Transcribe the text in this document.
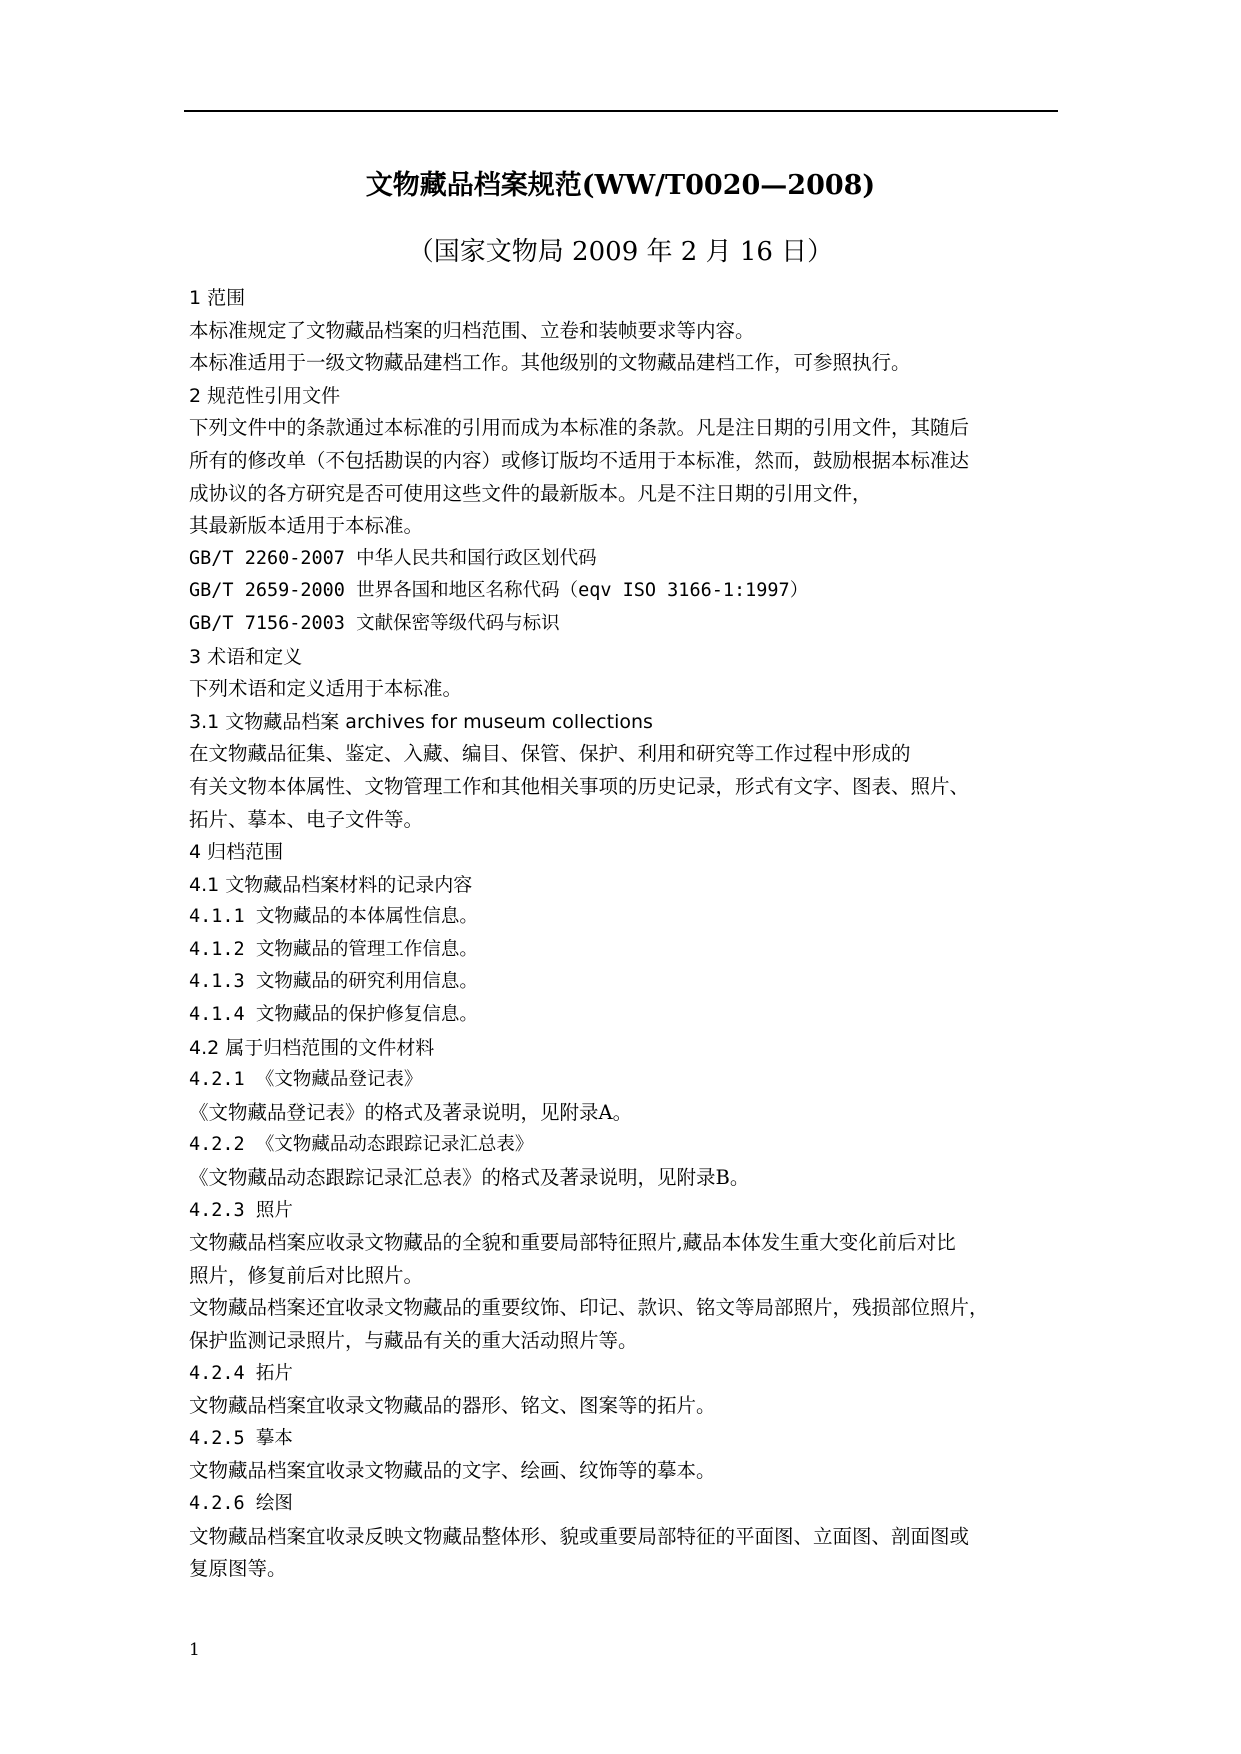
文物藏品档案规范(WW/T0020—2008)
（国家文物局 2009 年 2 月 16 日）
1 范围
本标准规定了文物藏品档案的归档范围、立卷和装帧要求等内容。
本标准适用于一级文物藏品建档工作。其他级别的文物藏品建档工作，可参照执行。
2 规范性引用文件
下列文件中的条款通过本标准的引用而成为本标准的条款。凡是注日期的引用文件，其随后
所有的修改单（不包括勘误的内容）或修订版均不适用于本标准，然而，鼓励根据本标准达
成协议的各方研究是否可使用这些文件的最新版本。凡是不注日期的引用文件，
其最新版本适用于本标准。
GB/T 2260-2007 中华人民共和国行政区划代码
GB/T 2659-2000 世界各国和地区名称代码（eqv ISO 3166-1:1997）
GB/T 7156-2003 文献保密等级代码与标识
3 术语和定义
下列术语和定义适用于本标准。
3.1 文物藏品档案 archives for museum collections
在文物藏品征集、鉴定、入藏、编目、保管、保护、利用和研究等工作过程中形成的
有关文物本体属性、文物管理工作和其他相关事项的历史记录，形式有文字、图表、照片、
拓片、摹本、电子文件等。
4 归档范围
4.1 文物藏品档案材料的记录内容
4.1.1 文物藏品的本体属性信息。
4.1.2 文物藏品的管理工作信息。
4.1.3 文物藏品的研究利用信息。
4.1.4 文物藏品的保护修复信息。
4.2 属于归档范围的文件材料
4.2.1 《文物藏品登记表》
《文物藏品登记表》的格式及著录说明，见附录A。
4.2.2 《文物藏品动态跟踪记录汇总表》
《文物藏品动态跟踪记录汇总表》的格式及著录说明，见附录B。
4.2.3 照片
文物藏品档案应收录文物藏品的全貌和重要局部特征照片,藏品本体发生重大变化前后对比
照片，修复前后对比照片。
文物藏品档案还宜收录文物藏品的重要纹饰、印记、款识、铭文等局部照片，残损部位照片，
保护监测记录照片，与藏品有关的重大活动照片等。
4.2.4 拓片
文物藏品档案宜收录文物藏品的器形、铭文、图案等的拓片。
4.2.5 摹本
文物藏品档案宜收录文物藏品的文字、绘画、纹饰等的摹本。
4.2.6 绘图
文物藏品档案宜收录反映文物藏品整体形、貌或重要局部特征的平面图、立面图、剖面图或
复原图等。
1
